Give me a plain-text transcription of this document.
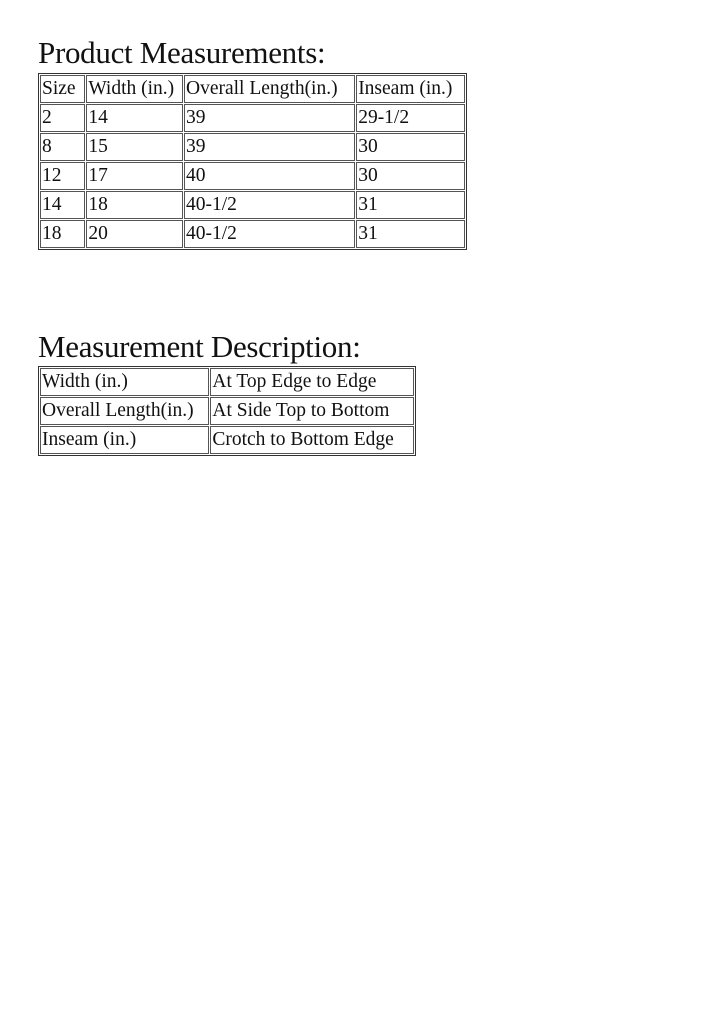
Product Measurements:
Size	Width (in.)	Overall Length(in.)	Inseam (in.)
2	14	39	29-1/2
8	15	39	30
12	17	40	30
14	18	40-1/2	31
18	20	40-1/2	31
Measurement Description:
Width (in.)	At Top Edge to Edge
Overall Length(in.)	At Side Top to Bottom
Inseam (in.)	Crotch to Bottom Edge
